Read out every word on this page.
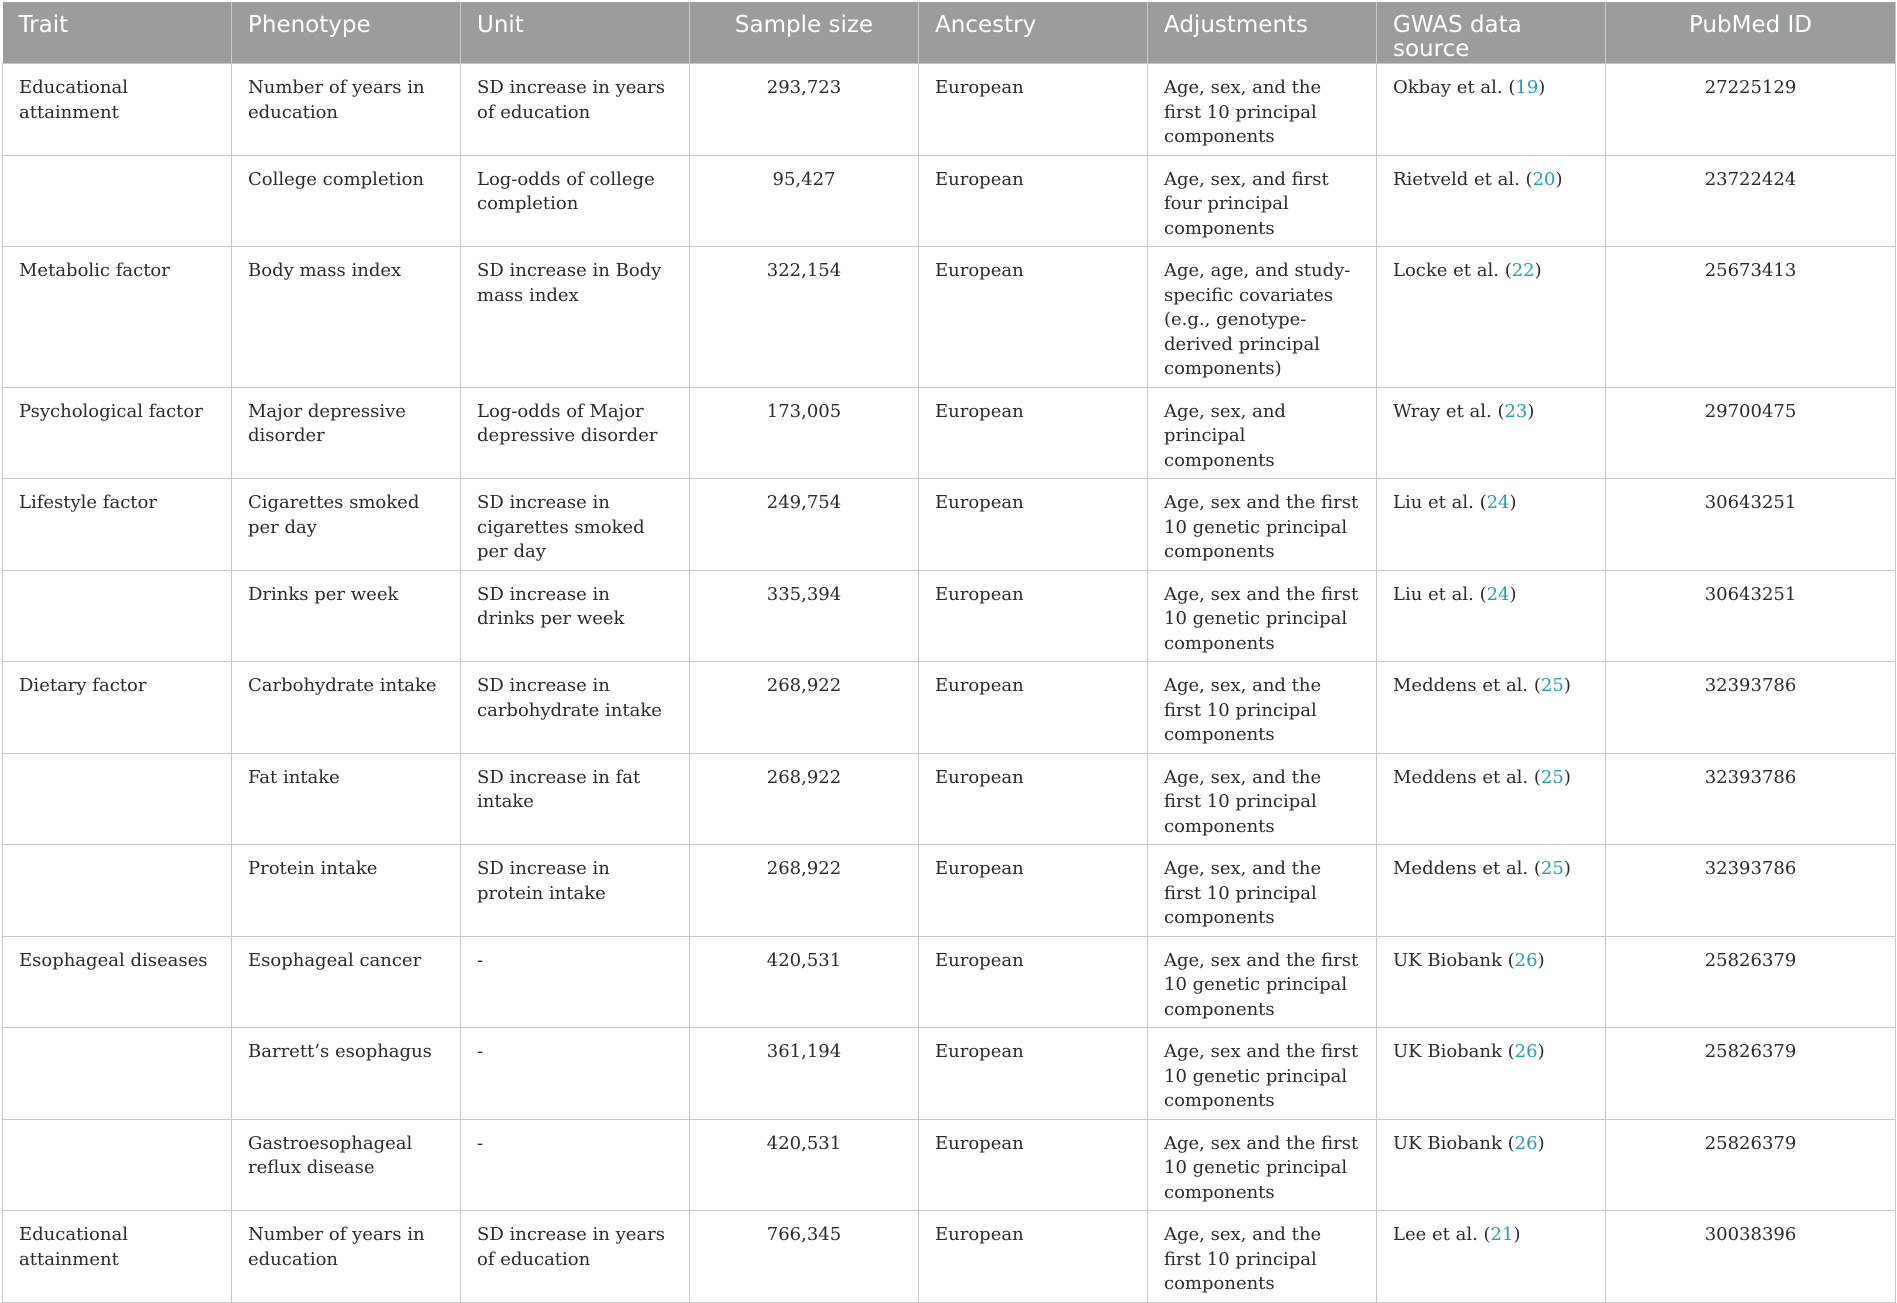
Trait	Phenotype	Unit	Sample size	Ancestry	Adjustments	GWAS data source	PubMed ID
Educational attainment	Number of years in education	SD increase in years of education	293,723	European	Age, sex, and the first 10 principal components	Okbay et al. (19)	27225129
	College completion	Log-odds of college completion	95,427	European	Age, sex, and first four principal components	Rietveld et al. (20)	23722424
Metabolic factor	Body mass index	SD increase in Body mass index	322,154	European	Age, age, and study-specific covariates (e.g., genotype-derived principal components)	Locke et al. (22)	25673413
Psychological factor	Major depressive disorder	Log-odds of Major depressive disorder	173,005	European	Age, sex, and principal components	Wray et al. (23)	29700475
Lifestyle factor	Cigarettes smoked per day	SD increase in cigarettes smoked per day	249,754	European	Age, sex and the first 10 genetic principal components	Liu et al. (24)	30643251
	Drinks per week	SD increase in drinks per week	335,394	European	Age, sex and the first 10 genetic principal components	Liu et al. (24)	30643251
Dietary factor	Carbohydrate intake	SD increase in carbohydrate intake	268,922	European	Age, sex, and the first 10 principal components	Meddens et al. (25)	32393786
	Fat intake	SD increase in fat intake	268,922	European	Age, sex, and the first 10 principal components	Meddens et al. (25)	32393786
	Protein intake	SD increase in protein intake	268,922	European	Age, sex, and the first 10 principal components	Meddens et al. (25)	32393786
Esophageal diseases	Esophageal cancer	-	420,531	European	Age, sex and the first 10 genetic principal components	UK Biobank (26)	25826379
	Barrett’s esophagus	-	361,194	European	Age, sex and the first 10 genetic principal components	UK Biobank (26)	25826379
	Gastroesophageal reflux disease	-	420,531	European	Age, sex and the first 10 genetic principal components	UK Biobank (26)	25826379
Educational attainment	Number of years in education	SD increase in years of education	766,345	European	Age, sex, and the first 10 principal components	Lee et al. (21)	30038396
